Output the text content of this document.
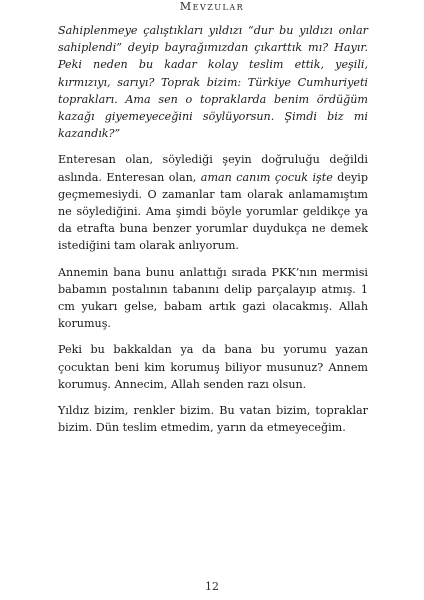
Mevzular

Sahiplenmeye çalıştıkları yıldızı “dur bu yıldızı onlar sahiplendi” deyip bayrağımızdan çıkarttık mı? Hayır. Peki neden bu kadar kolay teslim ettik, yeşili, kırmızıyı, sarıyı? Toprak bizim: Türkiye Cumhuriyeti toprakları. Ama sen o topraklarda benim ördüğüm kazağı giyemeyeceğini söylüyorsun. Şimdi biz mi kazandık?”

Enteresan olan, söylediği şeyin doğruluğu değildi aslında. Enteresan olan, aman canım çocuk işte deyip geçmemesiydi. O zamanlar tam olarak anlamamıştım ne söylediğini. Ama şimdi böyle yorumlar geldikçe ya da etrafta buna benzer yorumlar duydukça ne demek istediğini tam olarak anlıyorum.

Annemin bana bunu anlattığı sırada PKK’nın mermisi babamın postalının tabanını delip parçalayıp atmış. 1 cm yukarı gelse, babam artık gazi olacakmış. Allah korumuş.

Peki bu bakkaldan ya da bana bu yorumu yazan çocuktan beni kim korumuş biliyor musunuz? Annem korumuş. Annecim, Allah senden razı olsun.

Yıldız bizim, renkler bizim. Bu vatan bizim, topraklar bizim. Dün teslim etmedim, yarın da etmeyeceğim.

12
